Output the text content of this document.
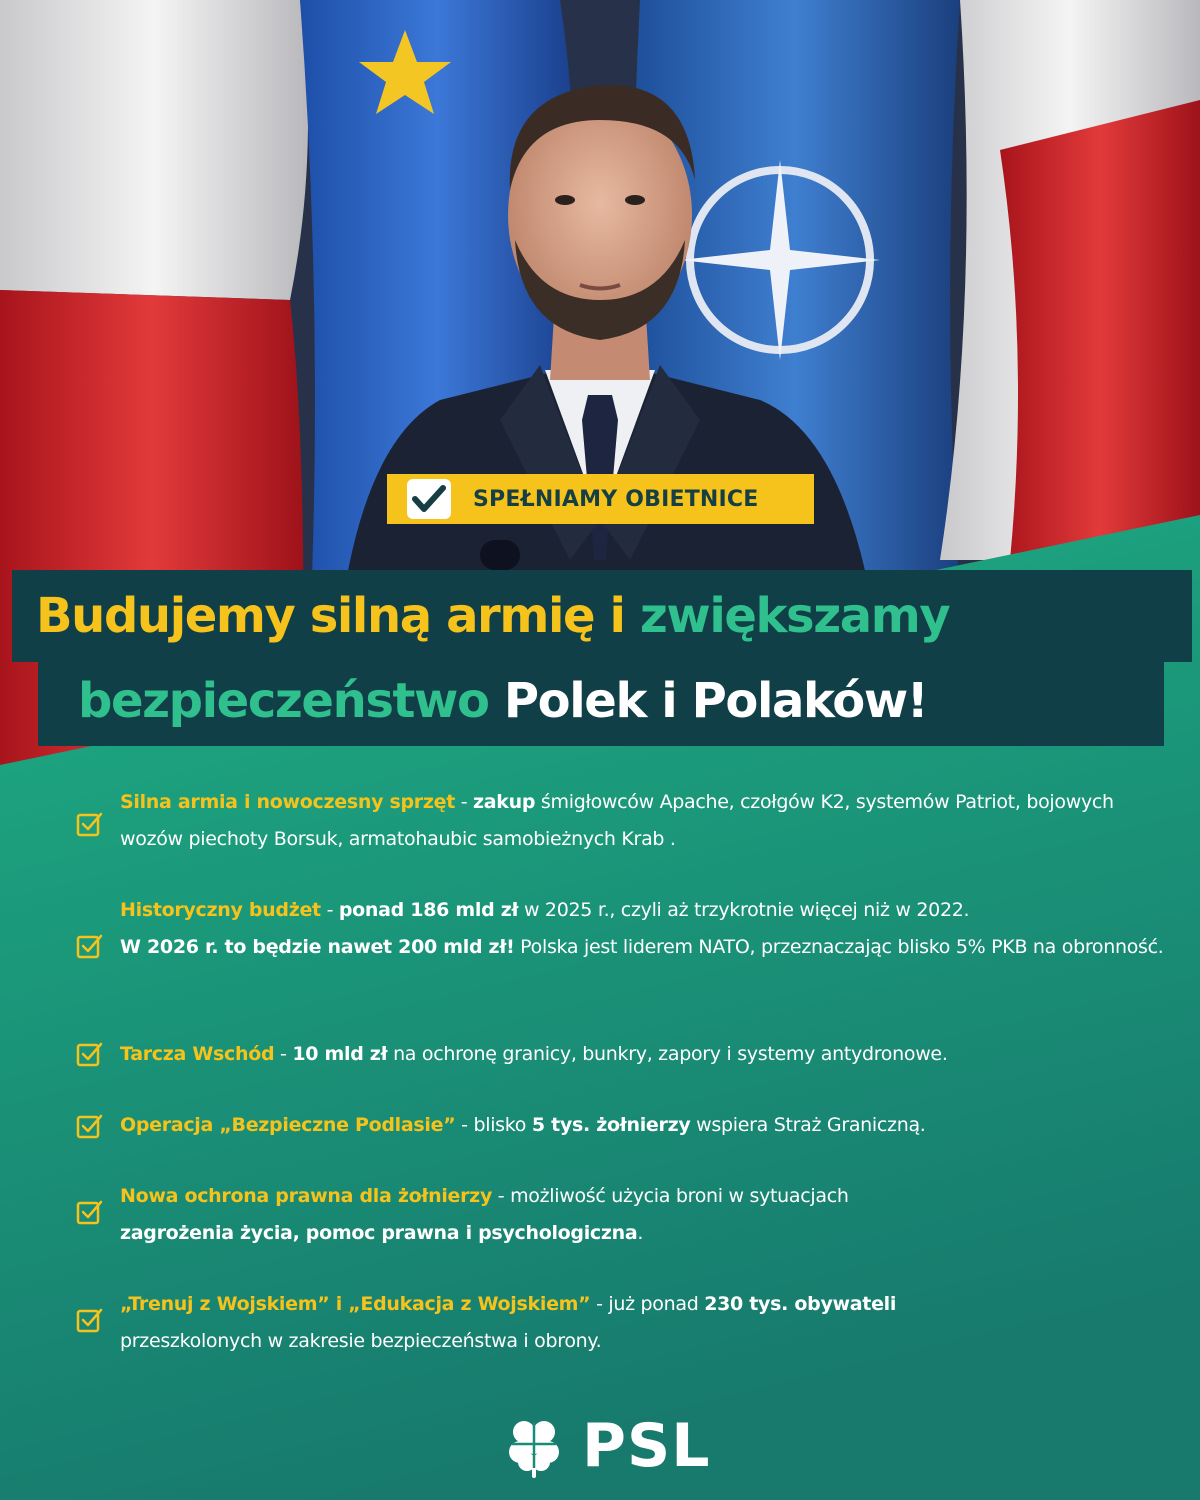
SPEŁNIAMY OBIETNICE
Budujemy silną armię i zwiększamy
bezpieczeństwo Polek i Polaków!
Silna armia i nowoczesny sprzęt - zakup śmigłowców Apache, czołgów K2, systemów Patriot, bojowych wozów piechoty Borsuk, armatohaubic samobieżnych Krab .
Historyczny budżet - ponad 186 mld zł w 2025 r., czyli aż trzykrotnie więcej niż w 2022.
W 2026 r. to będzie nawet 200 mld zł! Polska jest liderem NATO, przeznaczając blisko 5% PKB na obronność.
Tarcza Wschód - 10 mld zł na ochronę granicy, bunkry, zapory i systemy antydronowe.
Operacja „Bezpieczne Podlasie” - blisko 5 tys. żołnierzy wspiera Straż Graniczną.
Nowa ochrona prawna dla żołnierzy - możliwość użycia broni w sytuacjach
zagrożenia życia, pomoc prawna i psychologiczna.
„Trenuj z Wojskiem” i „Edukacja z Wojskiem” - już ponad 230 tys. obywateli
przeszkolonych w zakresie bezpieczeństwa i obrony.
PSL
